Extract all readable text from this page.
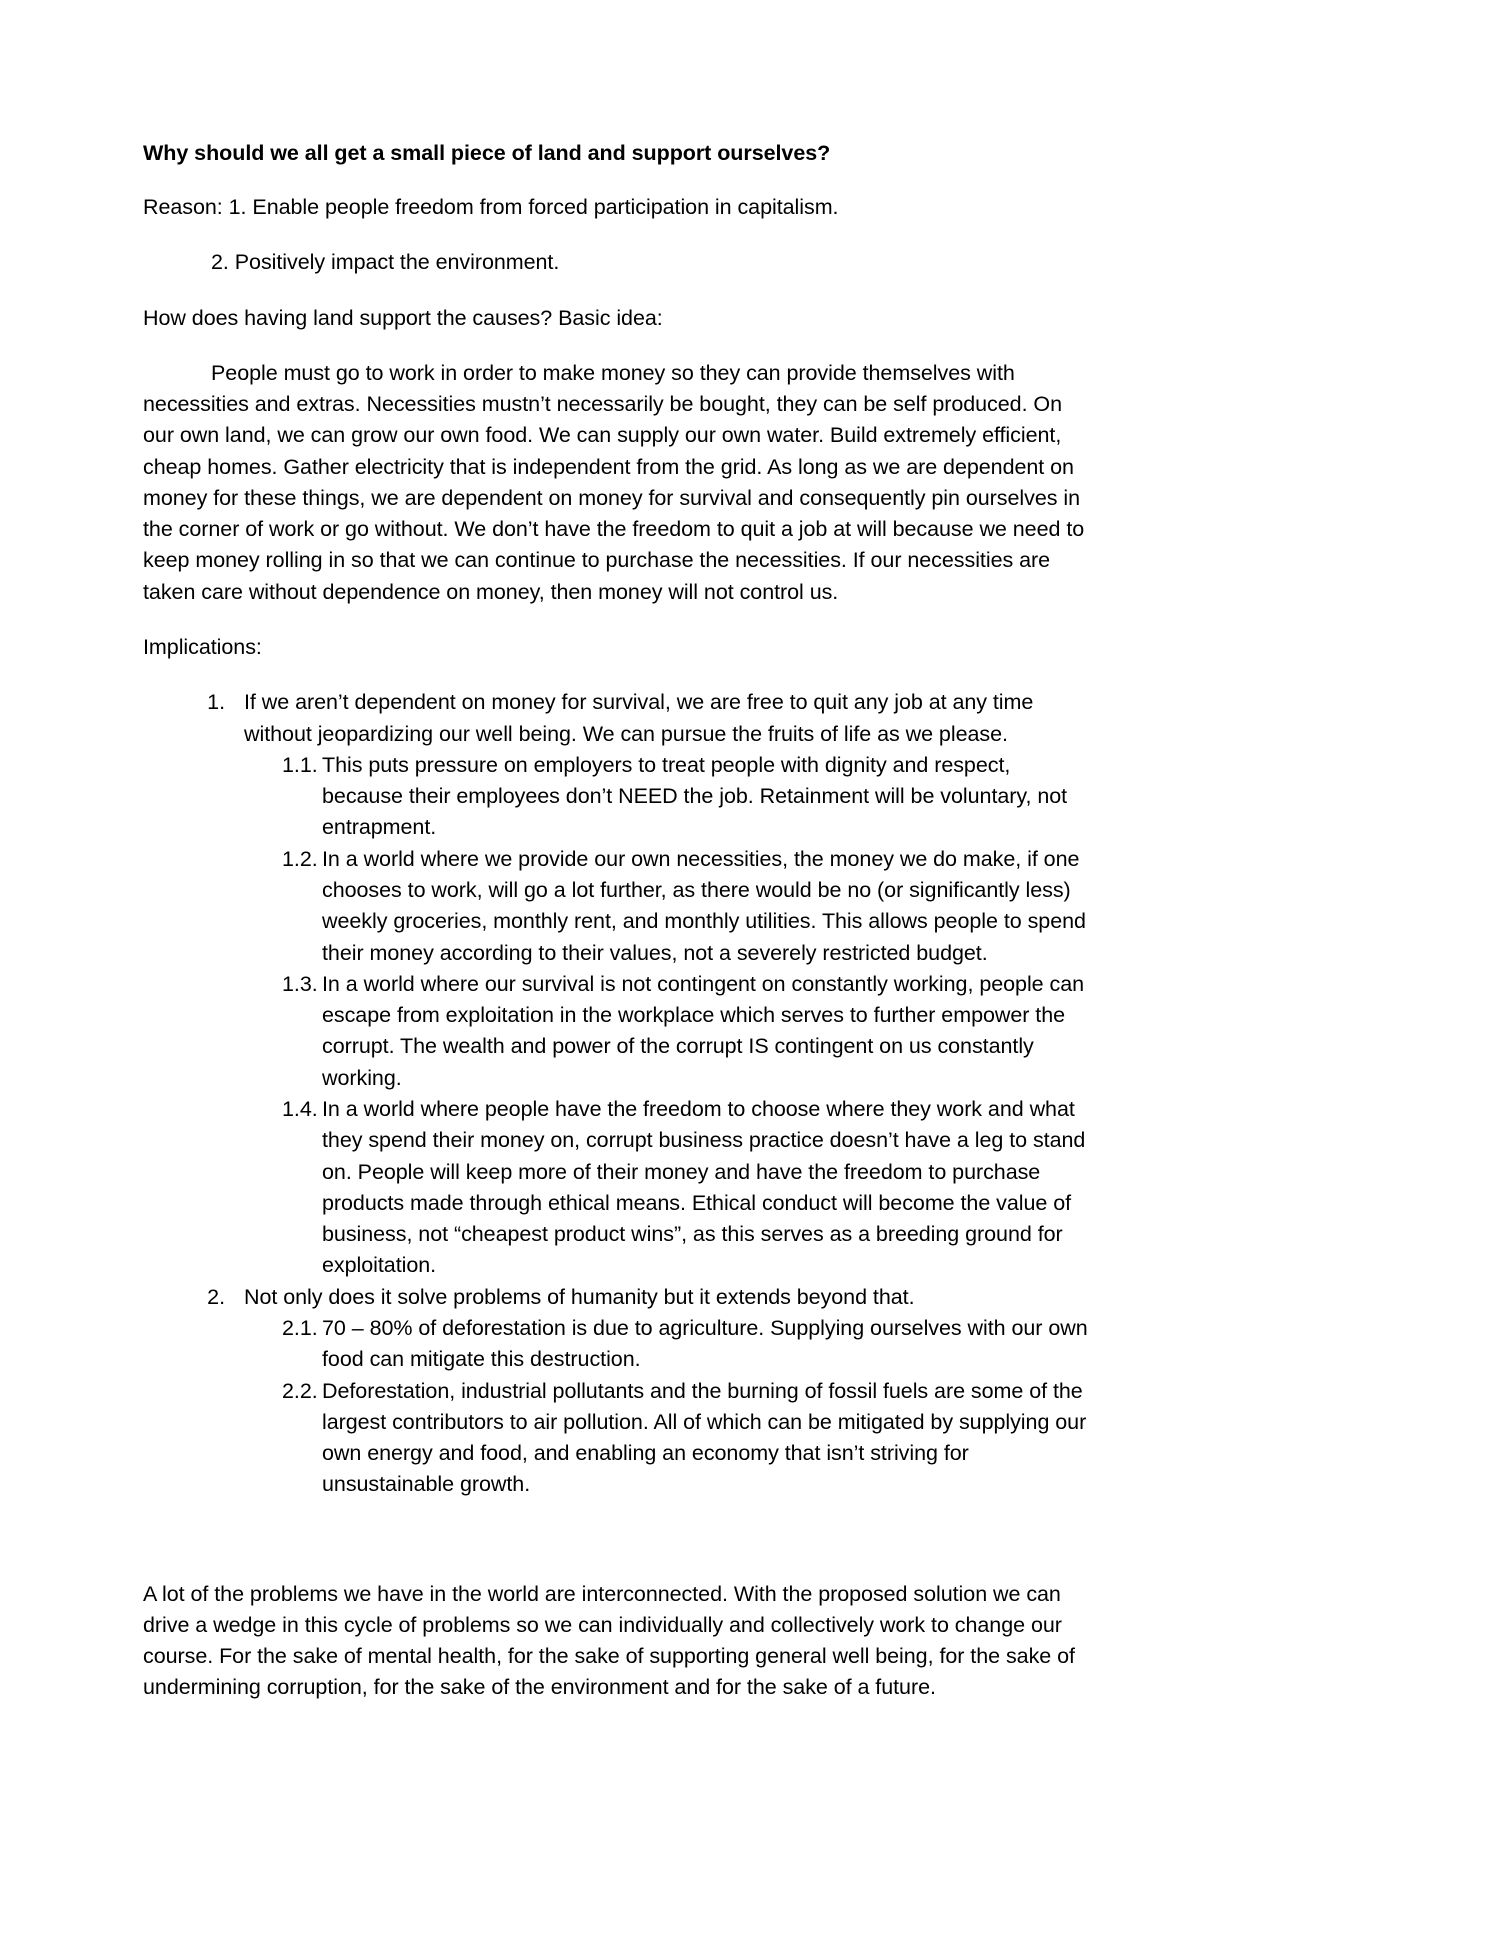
Why should we all get a small piece of land and support ourselves?

Reason: 1. Enable people freedom from forced participation in capitalism.

2. Positively impact the environment.

How does having land support the causes? Basic idea:

People must go to work in order to make money so they can provide themselves with necessities and extras. Necessities mustn’t necessarily be bought, they can be self produced. On our own land, we can grow our own food. We can supply our own water. Build extremely efficient, cheap homes. Gather electricity that is independent from the grid. As long as we are dependent on money for these things, we are dependent on money for survival and consequently pin ourselves in the corner of work or go without. We don’t have the freedom to quit a job at will because we need to keep money rolling in so that we can continue to purchase the necessities. If our necessities are taken care without dependence on money, then money will not control us.

Implications:

1. If we aren’t dependent on money for survival, we are free to quit any job at any time without jeopardizing our well being. We can pursue the fruits of life as we please.
1.1. This puts pressure on employers to treat people with dignity and respect, because their employees don’t NEED the job. Retainment will be voluntary, not entrapment.
1.2. In a world where we provide our own necessities, the money we do make, if one chooses to work, will go a lot further, as there would be no (or significantly less) weekly groceries, monthly rent, and monthly utilities. This allows people to spend their money according to their values, not a severely restricted budget.
1.3. In a world where our survival is not contingent on constantly working, people can escape from exploitation in the workplace which serves to further empower the corrupt. The wealth and power of the corrupt IS contingent on us constantly working.
1.4. In a world where people have the freedom to choose where they work and what they spend their money on, corrupt business practice doesn’t have a leg to stand on. People will keep more of their money and have the freedom to purchase products made through ethical means. Ethical conduct will become the value of business, not “cheapest product wins”, as this serves as a breeding ground for exploitation.
2. Not only does it solve problems of humanity but it extends beyond that.
2.1. 70 – 80% of deforestation is due to agriculture. Supplying ourselves with our own food can mitigate this destruction.
2.2. Deforestation, industrial pollutants and the burning of fossil fuels are some of the largest contributors to air pollution. All of which can be mitigated by supplying our own energy and food, and enabling an economy that isn’t striving for unsustainable growth.

A lot of the problems we have in the world are interconnected. With the proposed solution we can drive a wedge in this cycle of problems so we can individually and collectively work to change our course. For the sake of mental health, for the sake of supporting general well being, for the sake of undermining corruption, for the sake of the environment and for the sake of a future.
